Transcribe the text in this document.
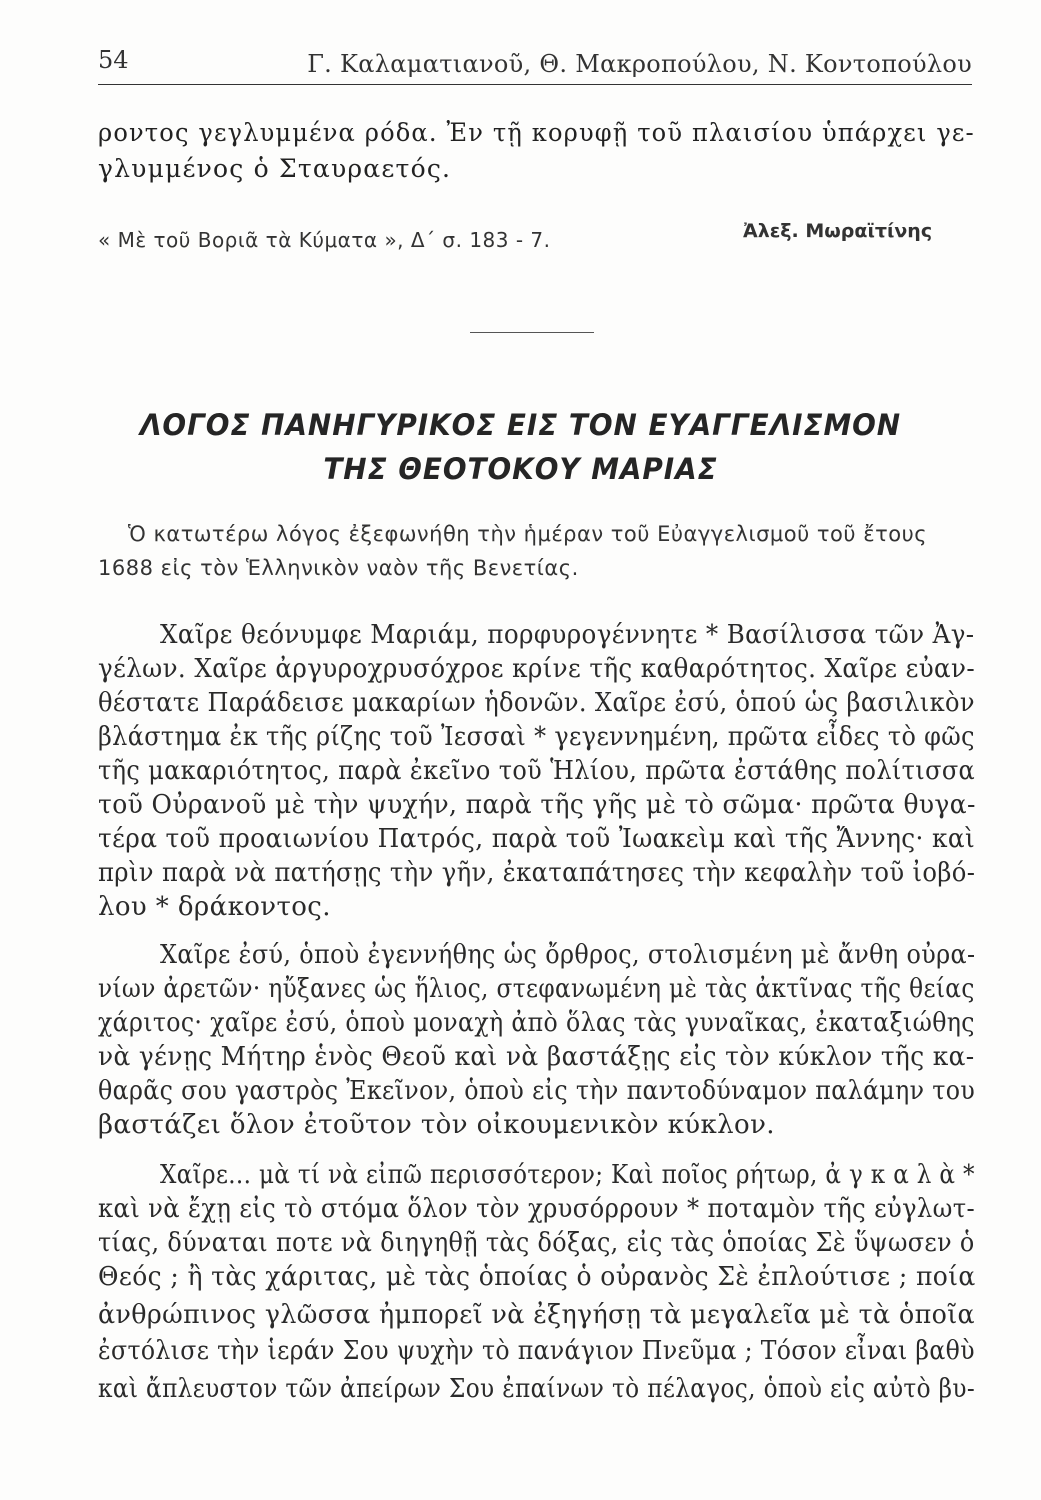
54	Γ. Καλαματιανοῦ, Θ. Μακροπούλου, Ν. Κοντοπούλου
ροντος γεγλυμμένα ρόδα. Ἐν τῇ κορυφῇ τοῦ πλαισίου ὑπάρχει γε-
γλυμμένος ὁ Σταυραετός.
« Μὲ τοῦ Βοριᾶ τὰ Κύματα », Δ΄ σ. 183 - 7.	Ἀλεξ. Μωραϊτίνης
ΛΟΓΟΣ ΠΑΝΗΓΥΡΙΚΟΣ ΕΙΣ ΤΟΝ ΕΥΑΓΓΕΛΙΣΜΟΝ
ΤΗΣ ΘΕΟΤΟΚΟΥ ΜΑΡΙΑΣ
Ὁ κατωτέρω λόγος ἐξεφωνήθη τὴν ἡμέραν τοῦ Εὐαγγελισμοῦ τοῦ ἔτους
1688 εἰς τὸν Ἑλληνικὸν ναὸν τῆς Βενετίας.
Χαῖρε θεόνυμφε Μαριάμ, πορφυρογέννητε * Βασίλισσα τῶν Ἀγ-
γέλων. Χαῖρε ἀργυροχρυσόχροε κρίνε τῆς καθαρότητος. Χαῖρε εὐαν-
θέστατε Παράδεισε μακαρίων ἡδονῶν. Χαῖρε ἐσύ, ὁπού ὡς βασιλικὸν
βλάστημα ἐκ τῆς ρίζης τοῦ Ἰεσσαὶ * γεγεννημένη, πρῶτα εἶδες τὸ φῶς
τῆς μακαριότητος, παρὰ ἐκεῖνο τοῦ Ἡλίου, πρῶτα ἐστάθης πολίτισσα
τοῦ Οὐρανοῦ μὲ τὴν ψυχήν, παρὰ τῆς γῆς μὲ τὸ σῶμα· πρῶτα θυγα-
τέρα τοῦ προαιωνίου Πατρός, παρὰ τοῦ Ἰωακεὶμ καὶ τῆς Ἄννης· καὶ
πρὶν παρὰ νὰ πατήσῃς τὴν γῆν, ἐκαταπάτησες τὴν κεφαλὴν τοῦ ἰοβό-
λου * δράκοντος.
Χαῖρε ἐσύ, ὁποὺ ἐγεννήθης ὡς ὄρθρος, στολισμένη μὲ ἄνθη οὐρα-
νίων ἀρετῶν· ηὔξανες ὡς ἥλιος, στεφανωμένη μὲ τὰς ἀκτῖνας τῆς θείας
χάριτος· χαῖρε ἐσύ, ὁποὺ μοναχὴ ἀπὸ ὅλας τὰς γυναῖκας, ἐκαταξιώθης
νὰ γένῃς Μήτηρ ἑνὸς Θεοῦ καὶ νὰ βαστάξῃς εἰς τὸν κύκλον τῆς κα-
θαρᾶς σου γαστρὸς Ἐκεῖνον, ὁποὺ εἰς τὴν παντοδύναμον παλάμην του
βαστάζει ὅλον ἐτοῦτον τὸν οἰκουμενικὸν κύκλον.
Χαῖρε... μὰ τί νὰ εἰπῶ περισσότερον; Καὶ ποῖος ρήτωρ, ἀ γ κ α λ ὰ *
καὶ νὰ ἔχῃ εἰς τὸ στόμα ὅλον τὸν χρυσόρρουν * ποταμὸν τῆς εὐγλωτ-
τίας, δύναται ποτε νὰ διηγηθῇ τὰς δόξας, εἰς τὰς ὁποίας Σὲ ὕψωσεν ὁ
Θεός ; ἢ τὰς χάριτας, μὲ τὰς ὁποίας ὁ οὐρανὸς Σὲ ἐπλούτισε ; ποία
ἀνθρώπινος γλῶσσα ἠμπορεῖ νὰ ἐξηγήσῃ τὰ μεγαλεῖα μὲ τὰ ὁποῖα
ἐστόλισε τὴν ἱεράν Σου ψυχὴν τὸ πανάγιον Πνεῦμα ; Τόσον εἶναι βαθὺ
καὶ ἄπλευστον τῶν ἀπείρων Σου ἐπαίνων τὸ πέλαγος, ὁποὺ εἰς αὐτὸ βυ-
